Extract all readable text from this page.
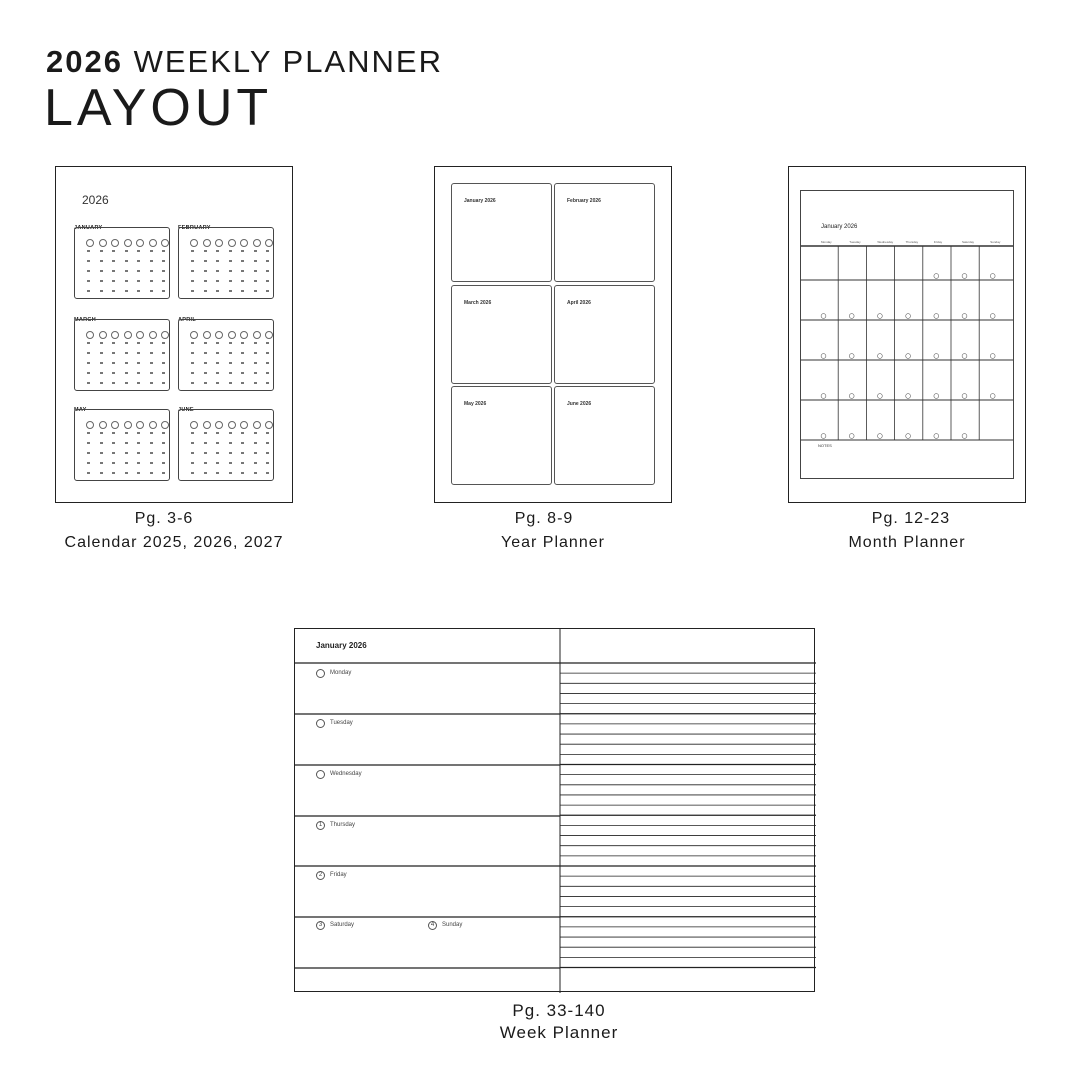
2026 WEEKLY PLANNER
LAYOUT
2026
JANUARY	FEBRUARY
MARCH	APRIL
MAY	JUNE
Pg. 3-6
Calendar 2025, 2026, 2027
January 2026	February 2026
March 2026	April 2026
May 2026	June 2026
Pg. 8-9
Year Planner
January 2026
NOTES
Monday	Tuesday	Wednesday	Thursday	Friday	Saturday	Sunday
Pg. 12-23
Month Planner
January 2026
Monday
Tuesday
Wednesday
1	Thursday
2	Friday
3	Saturday	4	Sunday
Pg. 33-140
Week Planner
